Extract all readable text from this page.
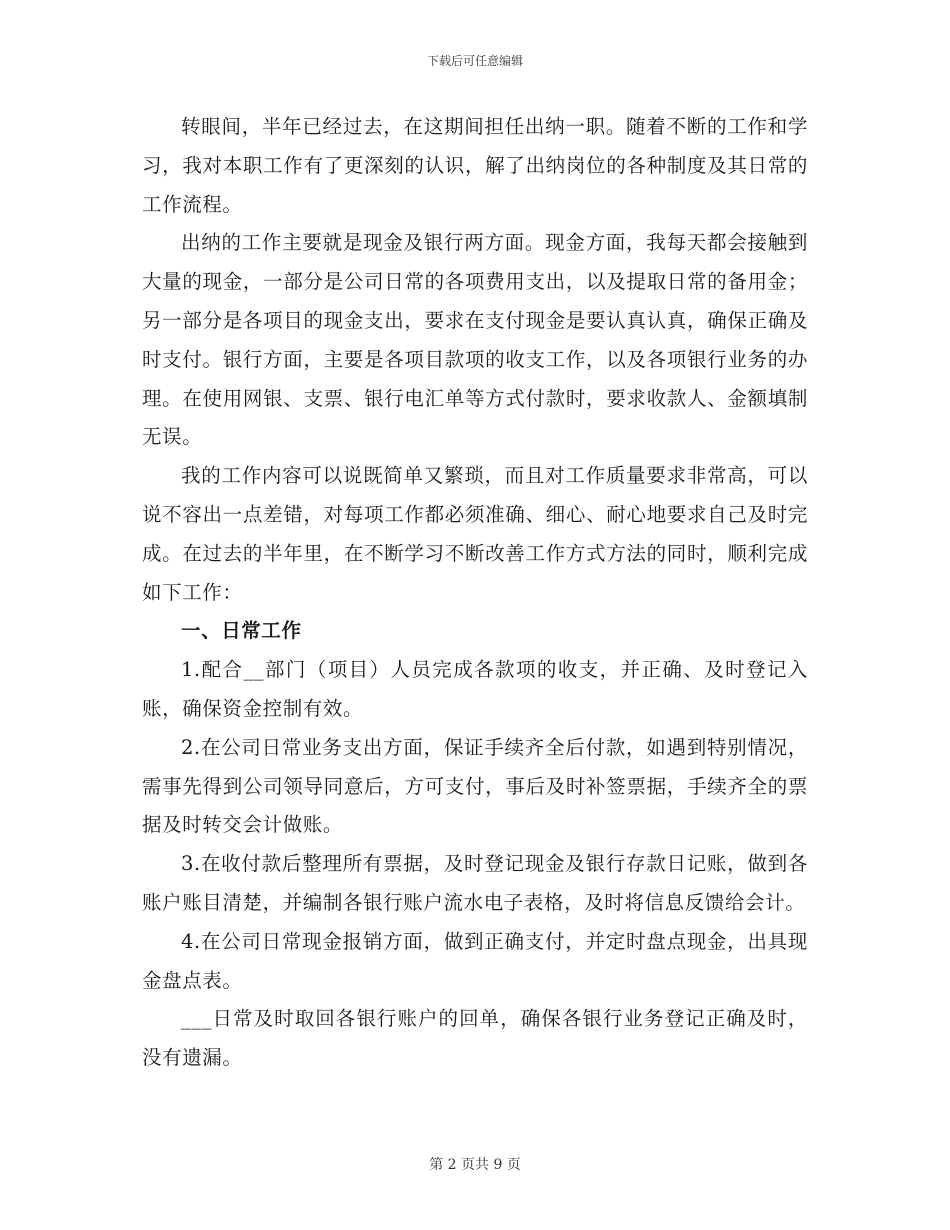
下载后可任意编辑

转眼间，半年已经过去，在这期间担任出纳一职。随着不断的工作和学习，我对本职工作有了更深刻的认识，解了出纳岗位的各种制度及其日常的工作流程。

出纳的工作主要就是现金及银行两方面。现金方面，我每天都会接触到大量的现金，一部分是公司日常的各项费用支出，以及提取日常的备用金；另一部分是各项目的现金支出，要求在支付现金是要认真认真，确保正确及时支付。银行方面，主要是各项目款项的收支工作，以及各项银行业务的办理。在使用网银、支票、银行电汇单等方式付款时，要求收款人、金额填制无误。

我的工作内容可以说既简单又繁琐，而且对工作质量要求非常高，可以说不容出一点差错，对每项工作都必须准确、细心、耐心地要求自己及时完成。在过去的半年里，在不断学习不断改善工作方式方法的同时，顺利完成如下工作：

一、日常工作

1.配合__部门（项目）人员完成各款项的收支，并正确、及时登记入账，确保资金控制有效。

2.在公司日常业务支出方面，保证手续齐全后付款，如遇到特别情况，需事先得到公司领导同意后，方可支付，事后及时补签票据，手续齐全的票据及时转交会计做账。

3.在收付款后整理所有票据，及时登记现金及银行存款日记账，做到各账户账目清楚，并编制各银行账户流水电子表格，及时将信息反馈给会计。

4.在公司日常现金报销方面，做到正确支付，并定时盘点现金，出具现金盘点表。

___日常及时取回各银行账户的回单，确保各银行业务登记正确及时，没有遗漏。

第 2 页共 9 页
